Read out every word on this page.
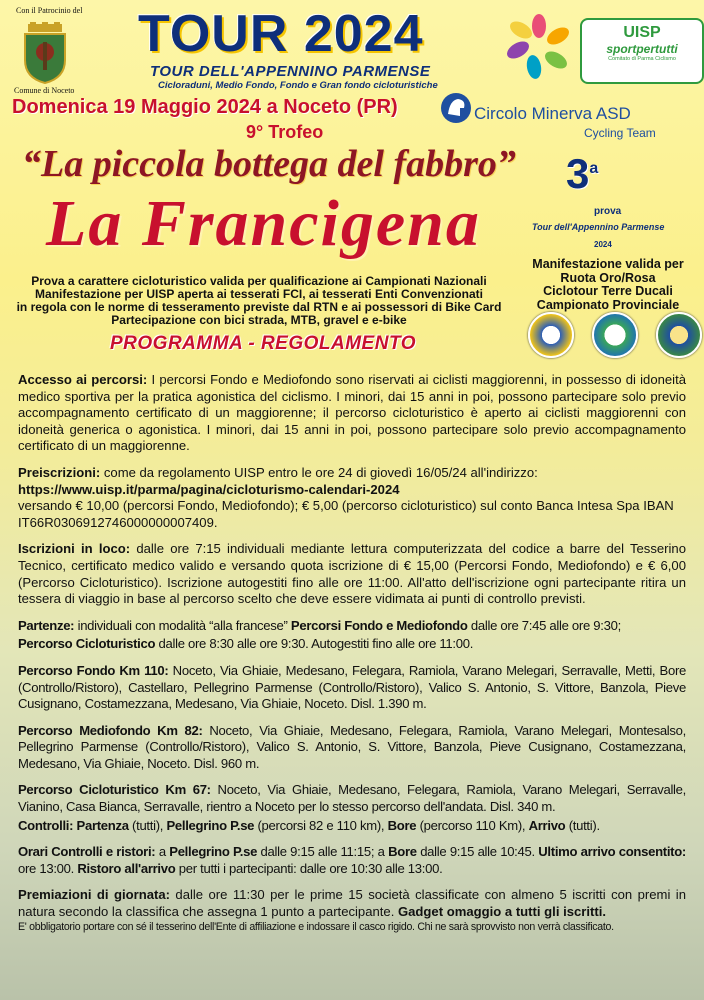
Con il Patrocinio del
Comune di Noceto
TOUR 2024
TOUR DELL'APPENNINO PARMENSE
Cicloraduni, Medio Fondo, Fondo e Gran fondo cicloturistiche
UISP
sportpertutti
Comitato di Parma Ciclismo
Domenica 19 Maggio 2024 a Noceto (PR)	Circolo Minerva ASD
Cycling Team
9° Trofeo
“La piccola bottega del fabbro”
La Francigena
3$^a$
prova
Tour dell'Appennino Parmense
2024
Manifestazione valida per
Ruota Oro/Rosa
Ciclotour Terre Ducali
Campionato Provinciale
Prova a carattere cicloturistico valida per qualificazione ai Campionati Nazionali
Manifestazione per UISP aperta ai tesserati FCI, ai tesserati Enti Convenzionati
in regola con le norme di tesseramento previste dal RTN e ai possessori di Bike Card
Partecipazione con bici strada, MTB, gravel e e-bike
PROGRAMMA - REGOLAMENTO

Accesso ai percorsi: I percorsi Fondo e Mediofondo sono riservati ai ciclisti maggiorenni, in possesso di idoneità medico sportiva per la pratica agonistica del ciclismo. I minori, dai 15 anni in poi, possono partecipare solo previo accompagnamento certificato di un maggiorenne; il percorso cicloturistico è aperto ai ciclisti maggiorenni con idoneità generica o agonistica. I minori, dai 15 anni in poi, possono partecipare solo previo accompagnamento certificato di un maggiorenne.

Preiscrizioni: come da regolamento UISP entro le ore 24 di giovedì 16/05/24 all'indirizzo:
https://www.uisp.it/parma/pagina/cicloturismo-calendari-2024
versando € 10,00 (percorsi Fondo, Mediofondo); € 5,00 (percorso cicloturistico) sul conto Banca Intesa Spa IBAN IT66R0306912746000000007409.

Iscrizioni in loco: dalle ore 7:15 individuali mediante lettura computerizzata del codice a barre del Tesserino Tecnico, certificato medico valido e versando quota iscrizione di € 15,00 (Percorsi Fondo, Mediofondo) e € 6,00 (Percorso Cicloturistico). Iscrizione autogestiti fino alle ore 11:00. All'atto dell'iscrizione ogni partecipante ritira un tessera di viaggio in base al percorso scelto che deve essere vidimata ai punti di controllo previsti.

Partenze: individuali con modalità “alla francese” Percorsi Fondo e Mediofondo dalle ore 7:45 alle ore 9:30;

Percorso Cicloturistico dalle ore 8:30 alle ore 9:30. Autogestiti fino alle ore 11:00.

Percorso Fondo Km 110: Noceto, Via Ghiaie, Medesano, Felegara, Ramiola, Varano Melegari, Serravalle, Metti, Bore (Controllo/Ristoro), Castellaro, Pellegrino Parmense (Controllo/Ristoro), Valico S. Antonio, S. Vittore, Banzola, Pieve Cusignano, Costamezzana, Medesano, Via Ghiaie, Noceto. Disl. 1.390 m.

Percorso Mediofondo Km 82: Noceto, Via Ghiaie, Medesano, Felegara, Ramiola, Varano Melegari, Montesalso, Pellegrino Parmense (Controllo/Ristoro), Valico S. Antonio, S. Vittore, Banzola, Pieve Cusignano, Costamezzana, Medesano, Via Ghiaie, Noceto. Disl. 960 m.

Percorso Cicloturistico Km 67: Noceto, Via Ghiaie, Medesano, Felegara, Ramiola, Varano Melegari, Serravalle, Vianino, Casa Bianca, Serravalle, rientro a Noceto per lo stesso percorso dell'andata. Disl. 340 m.

Controlli: Partenza (tutti), Pellegrino P.se (percorsi 82 e 110 km), Bore (percorso 110 Km), Arrivo (tutti).

Orari Controlli e ristori: a Pellegrino P.se dalle 9:15 alle 11:15; a Bore dalle 9:15 alle 10:45. Ultimo arrivo consentito: ore 13:00. Ristoro all'arrivo per tutti i partecipanti: dalle ore 10:30 alle 13:00.

Premiazioni di giornata: dalle ore 11:30 per le prime 15 società classificate con almeno 5 iscritti con premi in natura secondo la classifica che assegna 1 punto a partecipante. Gadget omaggio a tutti gli iscritti.

E' obbligatorio portare con sé il tesserino dell'Ente di affiliazione e indossare il casco rigido. Chi ne sarà sprovvisto non verrà classificato.
